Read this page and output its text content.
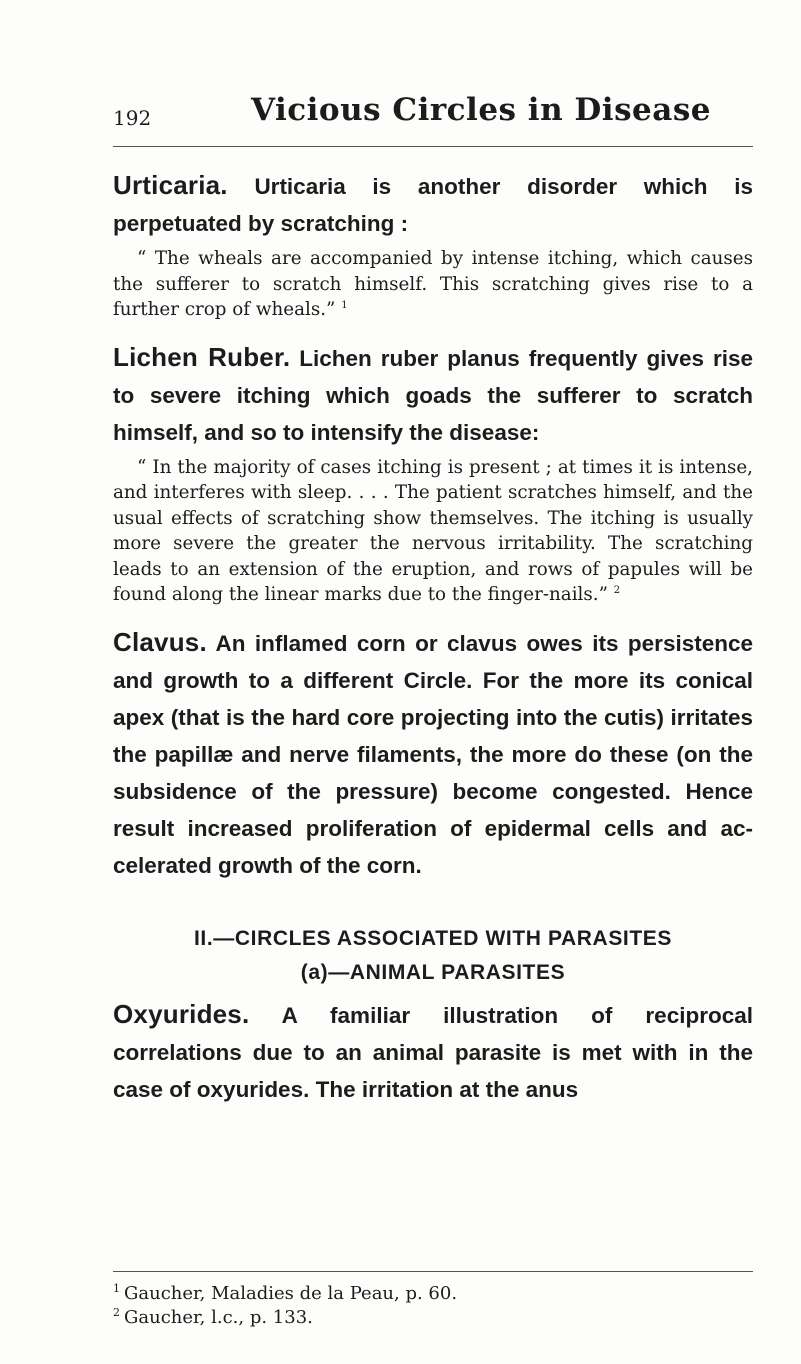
192	Vicious Circles in Disease

Urticaria. Urticaria is another disorder which is perpetuated by scratching :

“ The wheals are accompanied by intense itching, which causes the sufferer to scratch himself. This scratching gives rise to a further crop of wheals.” $^1$

Lichen Ruber. Lichen ruber planus frequently gives rise to severe itching which goads the sufferer to scratch himself, and so to intensify the disease:

“ In the majority of cases itching is present ; at times it is intense, and interferes with sleep. . . . The patient scratches himself, and the usual effects of scratching show themselves. The itching is usually more severe the greater the nervous irritability. The scratching leads to an extension of the eruption, and rows of papules will be found along the linear marks due to the finger-nails.” $^2$

Clavus. An inflamed corn or clavus owes its persistence and growth to a different Circle. For the more its conical apex (that is the hard core projecting into the cutis) irritates the papillæ and nerve filaments, the more do these (on the subsidence of the pressure) become congested. Hence result increased proliferation of epidermal cells and ac-celerated growth of the corn.

II.—CIRCLES ASSOCIATED WITH PARASITES

(a)—ANIMAL PARASITES

Oxyurides. A familiar illustration of reciprocal correlations due to an animal parasite is met with in the case of oxyurides. The irritation at the anus

$^1$ Gaucher, Maladies de la Peau, p. 60.
$^2$ Gaucher, l.c., p. 133.
